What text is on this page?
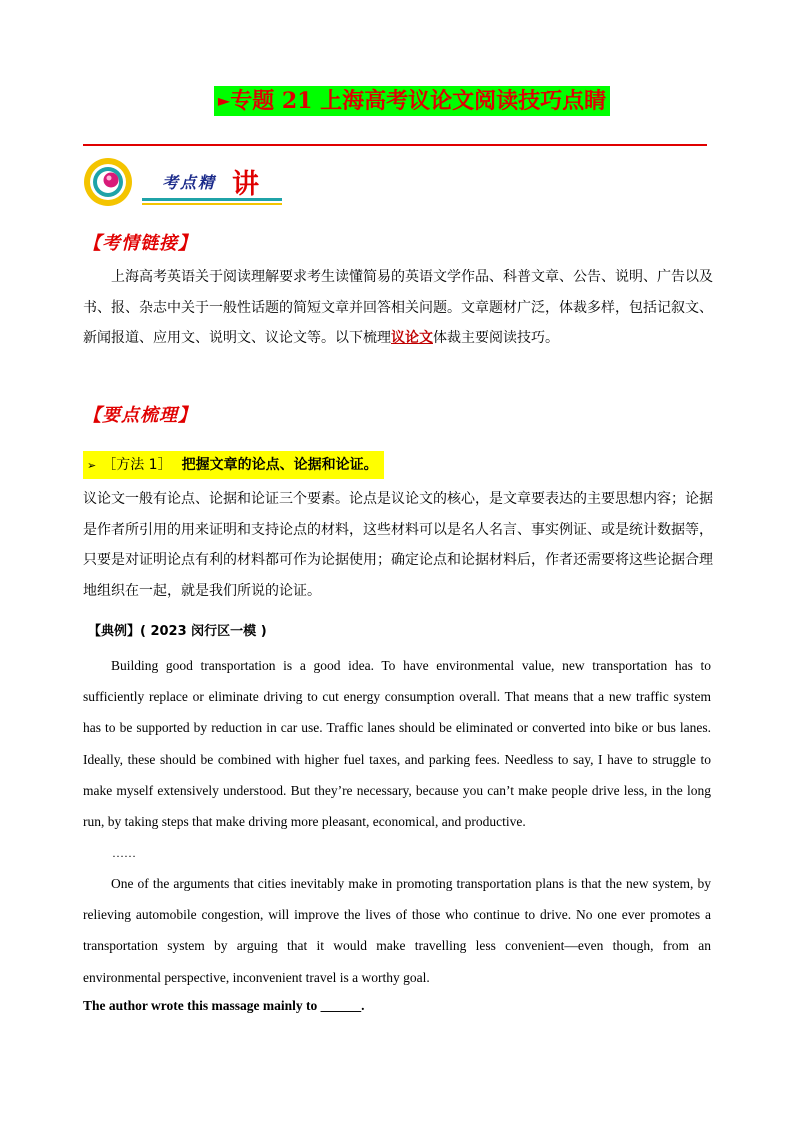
►专题 21 上海高考议论文阅读技巧点睛
考点精 讲
【考情链接】
上海高考英语关于阅读理解要求考生读懂简易的英语文学作品、科普文章、公告、说明、广告以及书、报、杂志中关于一般性话题的简短文章并回答相关问题。文章题材广泛，体裁多样，包括记叙文、新闻报道、应用文、说明文、议论文等。以下梳理议论文体裁主要阅读技巧。
【要点梳理】
➢ ［方法 1］ 把握文章的论点、论据和论证。
议论文一般有论点、论据和论证三个要素。论点是议论文的核心，是文章要表达的主要思想内容；论据是作者所引用的用来证明和支持论点的材料，这些材料可以是名人名言、事实例证、或是统计数据等，只要是对证明论点有利的材料都可作为论据使用；确定论点和论据材料后，作者还需要将这些论据合理地组织在一起，就是我们所说的论证。
【典例】( 2023 闵行区一模 )

Building good transportation is a good idea. To have environmental value, new transportation has to sufficiently replace or eliminate driving to cut energy consumption overall. That means that a new traffic system has to be supported by reduction in car use. Traffic lanes should be eliminated or converted into bike or bus lanes. Ideally, these should be combined with higher fuel taxes, and parking fees. Needless to say, I have to struggle to make myself extensively understood. But they’re necessary, because you can’t make people drive less, in the long run, by taking steps that make driving more pleasant, economical, and productive.

……

One of the arguments that cities inevitably make in promoting transportation plans is that the new system, by relieving automobile congestion, will improve the lives of those who continue to drive. No one ever promotes a transportation system by arguing that it would make travelling less convenient—even though, from an environmental perspective, inconvenient travel is a worthy goal.

The author wrote this massage mainly to ______.
